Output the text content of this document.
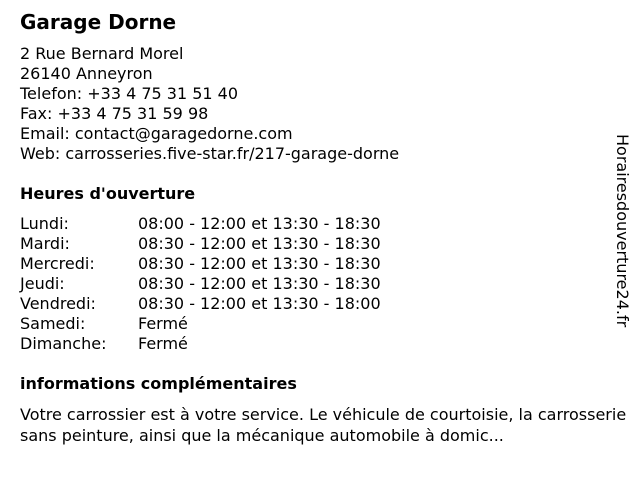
Garage Dorne
2 Rue Bernard Morel
26140 Anneyron
Telefon: +33 4 75 31 51 40
Fax: +33 4 75 31 59 98
Email: contact@garagedorne.com
Web: carrosseries.five-star.fr/217-garage-dorne
Heures d'ouverture
Lundi:	08:00 - 12:00 et 13:30 - 18:30
Mardi:	08:30 - 12:00 et 13:30 - 18:30
Mercredi:	08:30 - 12:00 et 13:30 - 18:30
Jeudi:	08:30 - 12:00 et 13:30 - 18:30
Vendredi:	08:30 - 12:00 et 13:30 - 18:00
Samedi:	Fermé
Dimanche: Fermé
informations complémentaires
Votre carrossier est à votre service. Le véhicule de courtoisie, la carrosserie sans peinture, ainsi que la mécanique automobile à domic...
Horairesdouverture24.fr
